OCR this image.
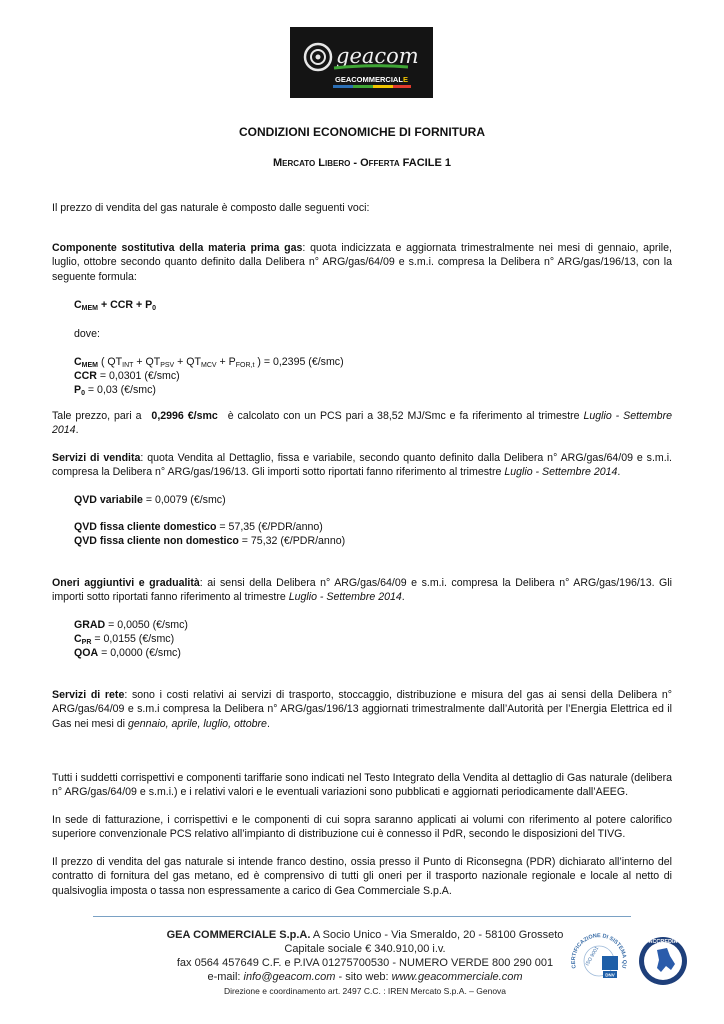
geacom
GEACOMMERCIALE
CONDIZIONI ECONOMICHE DI FORNITURA
Mercato Libero - Offerta FACILE 1
Il prezzo di vendita del gas naturale è composto dalle seguenti voci:
Componente sostitutiva della materia prima gas: quota indicizzata e aggiornata trimestralmente nei mesi di gennaio, aprile, luglio, ottobre secondo quanto definito dalla Delibera n° ARG/gas/64/09 e s.m.i. compresa la Delibera n° ARG/gas/196/13, con la seguente formula:
$C_{MEM}$ + CCR + $P_0$
dove:
$C_{MEM}$ ( $QT_{INT} + QT_{PSV} + QT_{MCV} + P_{FOR,t}$ ) = 0,2395 (€/smc)
CCR = 0,0301 (€/smc)
$P_0 = 0,03$ (€/smc)
Tale prezzo, pari a 0,2996 €/smc è calcolato con un PCS pari a 38,52 MJ/Smc e fa riferimento al trimestre Luglio - Settembre 2014.
Servizi di vendita: quota Vendita al Dettaglio, fissa e variabile, secondo quanto definito dalla Delibera n° ARG/gas/64/09 e s.m.i. compresa la Delibera n° ARG/gas/196/13. Gli importi sotto riportati fanno riferimento al trimestre Luglio - Settembre 2014.
QVD variabile = 0,0079 (€/smc)
QVD fissa cliente domestico = 57,35 (€/PDR/anno)
QVD fissa cliente non domestico = 75,32 (€/PDR/anno)
Oneri aggiuntivi e gradualità: ai sensi della Delibera n° ARG/gas/64/09 e s.m.i. compresa la Delibera n° ARG/gas/196/13. Gli importi sotto riportati fanno riferimento al trimestre Luglio - Settembre 2014.
GRAD = 0,0050 (€/smc)
$C_{PR} = 0,0155$ (€/smc)
QOA = 0,0000 (€/smc)
Servizi di rete: sono i costi relativi ai servizi di trasporto, stoccaggio, distribuzione e misura del gas ai sensi della Delibera n° ARG/gas/64/09 e s.m.i compresa la Delibera n° ARG/gas/196/13 aggiornati trimestralmente dall’Autorità per l’Energia Elettrica ed il Gas nei mesi di gennaio, aprile, luglio, ottobre.
Tutti i suddetti corrispettivi e componenti tariffarie sono indicati nel Testo Integrato della Vendita al dettaglio di Gas naturale (delibera n° ARG/gas/64/09 e s.m.i.) e i relativi valori e le eventuali variazioni sono pubblicati e aggiornati periodicamente dall’AEEG.
In sede di fatturazione, i corrispettivi e le componenti di cui sopra saranno applicati ai volumi con riferimento al potere calorifico superiore convenzionale PCS relativo all’impianto di distribuzione cui è connesso il PdR, secondo le disposizioni del TIVG.
Il prezzo di vendita del gas naturale si intende franco destino, ossia presso il Punto di Riconsegna (PDR) dichiarato all’interno del contratto di fornitura del gas metano, ed è comprensivo di tutti gli oneri per il trasporto nazionale regionale e locale al netto di qualsivoglia imposta o tassa non espressamente a carico di Gea Commerciale S.p.A.
GEA COMMERCIALE S.p.A. A Socio Unico - Via Smeraldo, 20 - 58100 Grosseto
Capitale sociale € 340.910,00 i.v.
fax 0564 457649 C.F. e P.IVA 01275700530 - NUMERO VERDE 800 290 001
e-mail: info@geacom.com - sito web: www.geacommerciale.com
Direzione e coordinamento art. 2497 C.C. : IREN Mercato S.p.A. – Genova
CERTIFICAZIONE DI SISTEMA QU
DNV
ISO 9001
ACCREDIA
